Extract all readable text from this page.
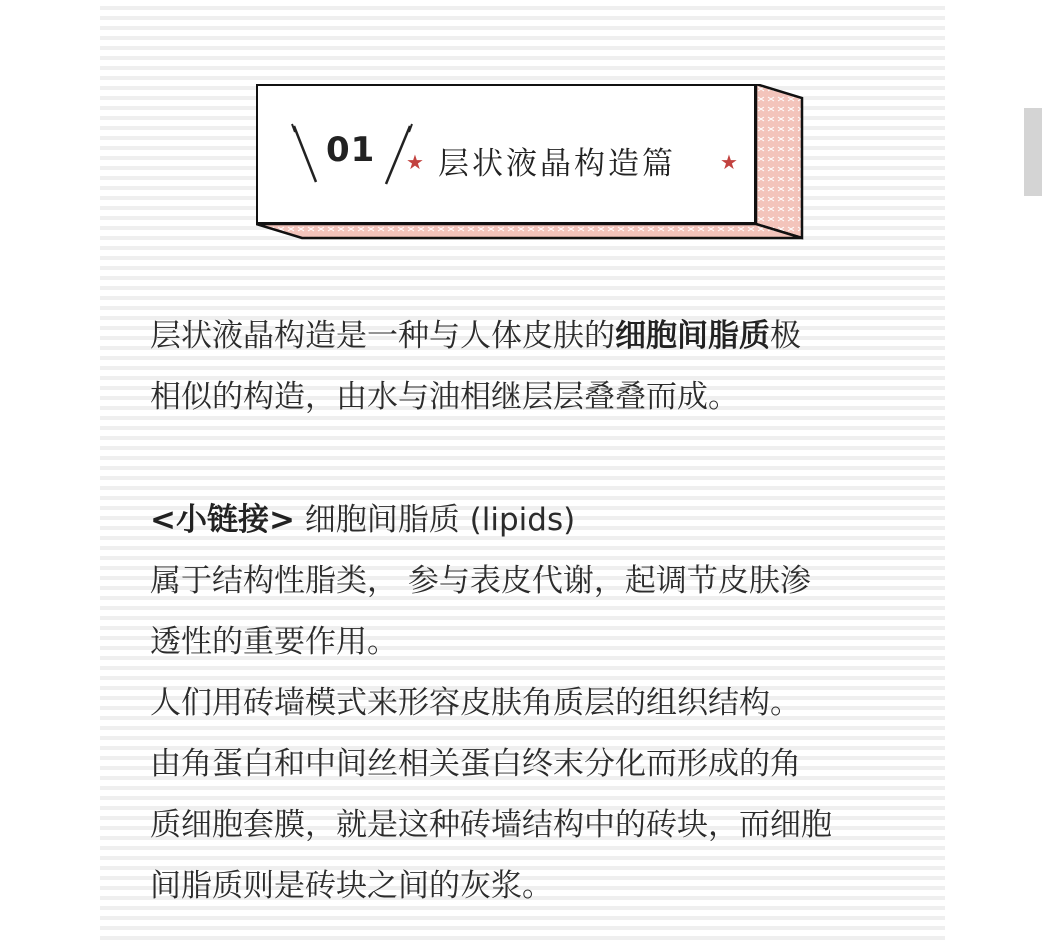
01 ★ 层状液晶构造篇 ★
层状液晶构造是一种与人体皮肤的细胞间脂质极
相似的构造，由水与油相继层层叠叠而成。
<小链接> 细胞间脂质 (lipids)
属于结构性脂类， 参与表皮代谢，起调节皮肤渗
透性的重要作用。
人们用砖墙模式来形容皮肤角质层的组织结构。
由角蛋白和中间丝相关蛋白终末分化而形成的角
质细胞套膜，就是这种砖墙结构中的砖块，而细胞
间脂质则是砖块之间的灰浆。
